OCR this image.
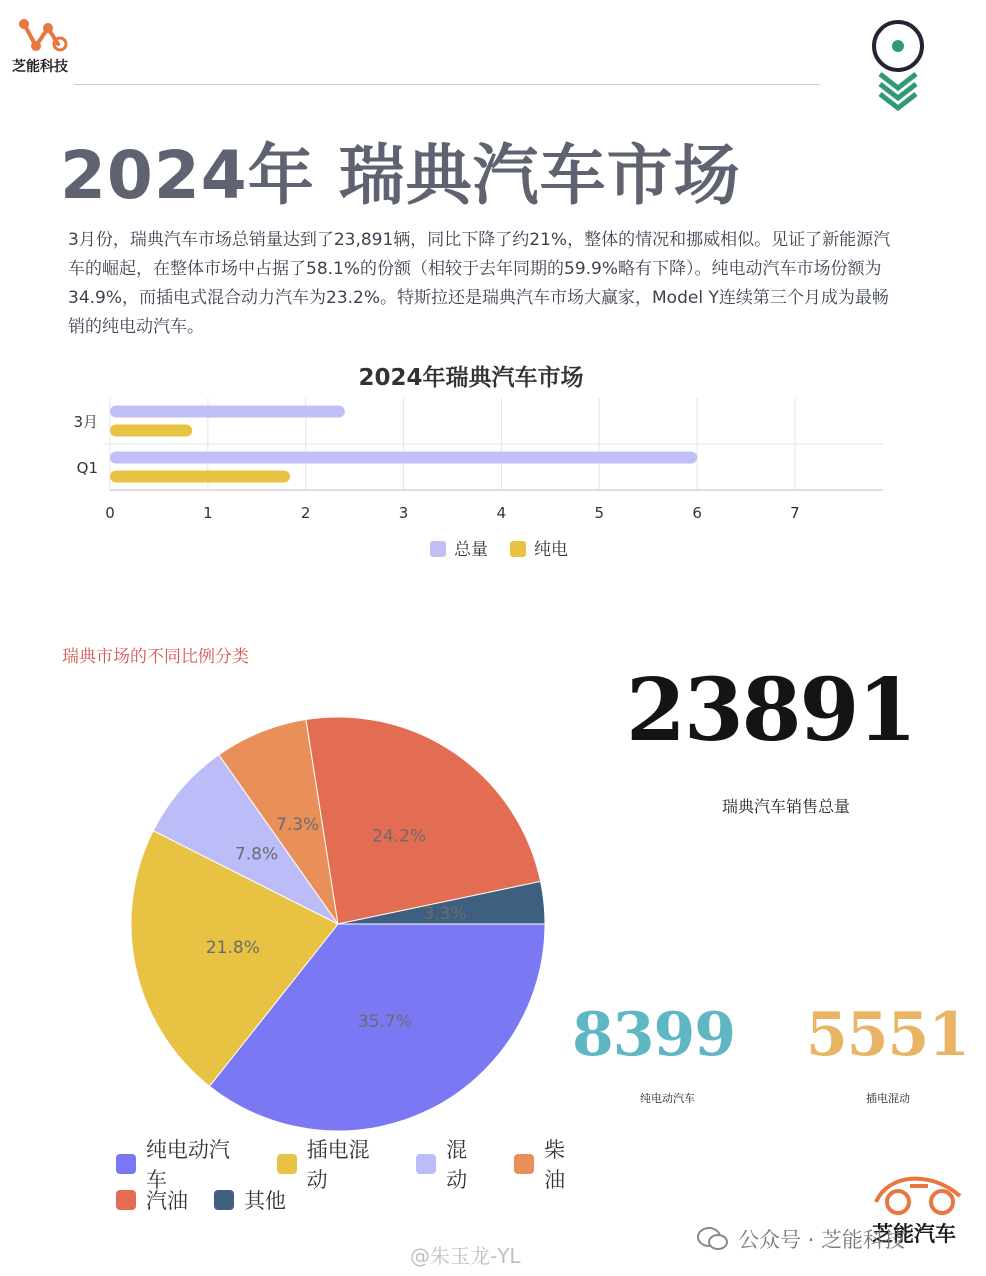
芝能科技
2024年 瑞典汽车市场
3月份，瑞典汽车市场总销量达到了23,891辆，同比下降了约21%，整体的情况和挪威相似。见证了新能源汽车的崛起，在整体市场中占据了58.1%的份额（相较于去年同期的59.9%略有下降）。纯电动汽车市场份额为34.9%，而插电式混合动力汽车为23.2%。特斯拉还是瑞典汽车市场大赢家，Model Y连续第三个月成为最畅销的纯电动汽车。
2024年瑞典汽车市场
0	1	2	3	4	5	6	7
3月
Q1
总量	纯电
瑞典市场的不同比例分类
35.7%
21.8%
7.8%
7.3%
24.2%
3.3%
纯电动汽车
插电混动
混动
柴油
汽油	其他
23891
瑞典汽车销售总量
8399
纯电动汽车
5551
插电混动
芝能汽车
公众号 · 芝能科技
@朱玉龙-YL
